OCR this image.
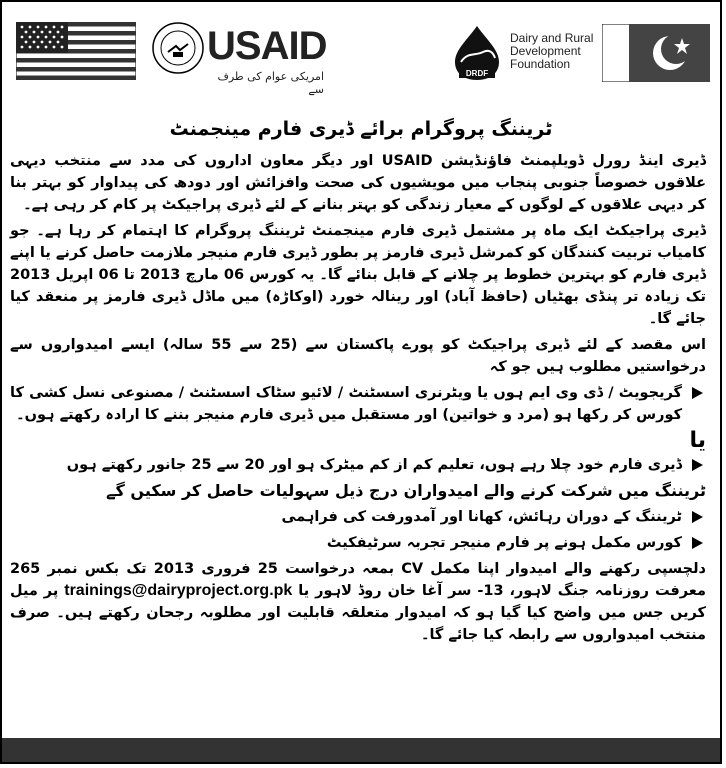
USAID
امریکی عوام کی طرف سے
DRDF
Dairy and Rural
Development
Foundation
ٹریننگ پروگرام برائے ڈیری فارم مینجمنٹ

ڈیری اینڈ رورل ڈویلپمنٹ فاؤنڈیشن USAID اور دیگر معاون اداروں کی مدد سے منتخب دیہی علاقوں خصوصاً جنوبی پنجاب میں مویشیوں کی صحت وافزائش اور دودھ کی پیداوار کو بہتر بنا کر دیہی علاقوں کے لوگوں کے معیار زندگی کو بہتر بنانے کے لئے ڈیری پراجیکٹ پر کام کر رہی ہے۔

ڈیری پراجیکٹ ایک ماہ پر مشتمل ڈیری فارم مینجمنٹ ٹریننگ پروگرام کا اہتمام کر رہا ہے۔ جو کامیاب تربیت کنندگان کو کمرشل ڈیری فارمز پر بطور ڈیری فارم منیجر ملازمت حاصل کرنے یا اپنے ڈیری فارم کو بہترین خطوط پر چلانے کے قابل بنائے گا۔ یہ کورس 06 مارچ 2013 تا 06 اپریل 2013 تک زیادہ تر پنڈی بھٹیاں (حافظ آباد) اور رینالہ خورد (اوکاڑہ) میں ماڈل ڈیری فارمز پر منعقد کیا جائے گا۔

اس مقصد کے لئے ڈیری پراجیکٹ کو پورے پاکستان سے (25 سے 55 سالہ) ایسے امیدواروں سے درخواستیں مطلوب ہیں جو کہ

گریجویٹ / ڈی وی ایم ہوں یا ویٹرنری اسسٹنٹ / لائیو سٹاک اسسٹنٹ / مصنوعی نسل کشی کا کورس کر رکھا ہو (مرد و خواتین) اور مستقبل میں ڈیری فارم منیجر بننے کا ارادہ رکھتے ہوں۔
یا
ڈیری فارم خود چلا رہے ہوں، تعلیم کم از کم میٹرک ہو اور 20 سے 25 جانور رکھتے ہوں

ٹریننگ میں شرکت کرنے والے امیدواران درج ذیل سہولیات حاصل کر سکیں گے

ٹریننگ کے دوران رہائش، کھانا اور آمدورفت کی فراہمی
کورس مکمل ہونے پر فارم منیجر تجربہ سرٹیفکیٹ

دلچسپی رکھنے والے امیدوار اپنا مکمل CV بمعہ درخواست 25 فروری 2013 تک بکس نمبر 265 معرفت روزنامہ جنگ لاہور، 13- سر آغا خان روڈ لاہور یا trainings@dairyproject.org.pk پر میل کریں جس میں واضح کیا گیا ہو کہ امیدوار متعلقہ قابلیت اور مطلوبہ رجحان رکھتے ہیں۔ صرف منتخب امیدواروں سے رابطہ کیا جائے گا۔
